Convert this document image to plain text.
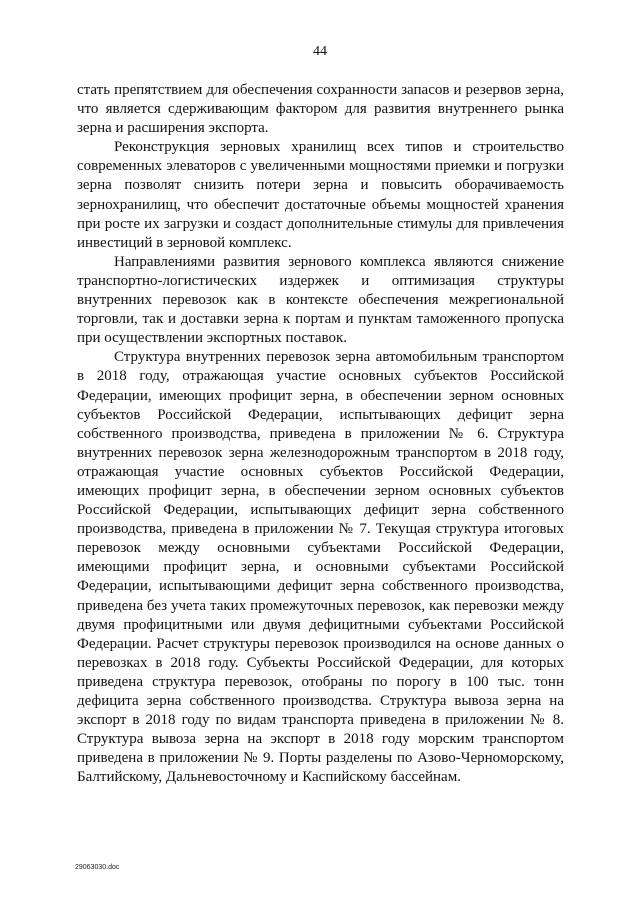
44

стать препятствием для обеспечения сохранности запасов и резервов зерна, что является сдерживающим фактором для развития внутреннего рынка зерна и расширения экспорта.

Реконструкция зерновых хранилищ всех типов и строительство современных элеваторов с увеличенными мощностями приемки и погрузки зерна позволят снизить потери зерна и повысить оборачиваемость зернохранилищ, что обеспечит достаточные объемы мощностей хранения при росте их загрузки и создаст дополнительные стимулы для привлечения инвестиций в зерновой комплекс.

Направлениями развития зернового комплекса являются снижение транспортно-логистических издержек и оптимизация структуры внутренних перевозок как в контексте обеспечения межрегиональной торговли, так и доставки зерна к портам и пунктам таможенного пропуска при осуществлении экспортных поставок.

Структура внутренних перевозок зерна автомобильным транспортом в 2018 году, отражающая участие основных субъектов Российской Федерации, имеющих профицит зерна, в обеспечении зерном основных субъектов Российской Федерации, испытывающих дефицит зерна собственного производства, приведена в приложении № 6. Структура внутренних перевозок зерна железнодорожным транспортом в 2018 году, отражающая участие основных субъектов Российской Федерации, имеющих профицит зерна, в обеспечении зерном основных субъектов Российской Федерации, испытывающих дефицит зерна собственного производства, приведена в приложении № 7. Текущая структура итоговых перевозок между основными субъектами Российской Федерации, имеющими профицит зерна, и основными субъектами Российской Федерации, испытывающими дефицит зерна собственного производства, приведена без учета таких промежуточных перевозок, как перевозки между двумя профицитными или двумя дефицитными субъектами Российской Федерации. Расчет структуры перевозок производился на основе данных о перевозках в 2018 году. Субъекты Российской Федерации, для которых приведена структура перевозок, отобраны по порогу в 100 тыс. тонн дефицита зерна собственного производства. Структура вывоза зерна на экспорт в 2018 году по видам транспорта приведена в приложении № 8. Структура вывоза зерна на экспорт в 2018 году морским транспортом приведена в приложении № 9. Порты разделены по Азово-Черноморскому, Балтийскому, Дальневосточному и Каспийскому бассейнам.

29063030.doc
